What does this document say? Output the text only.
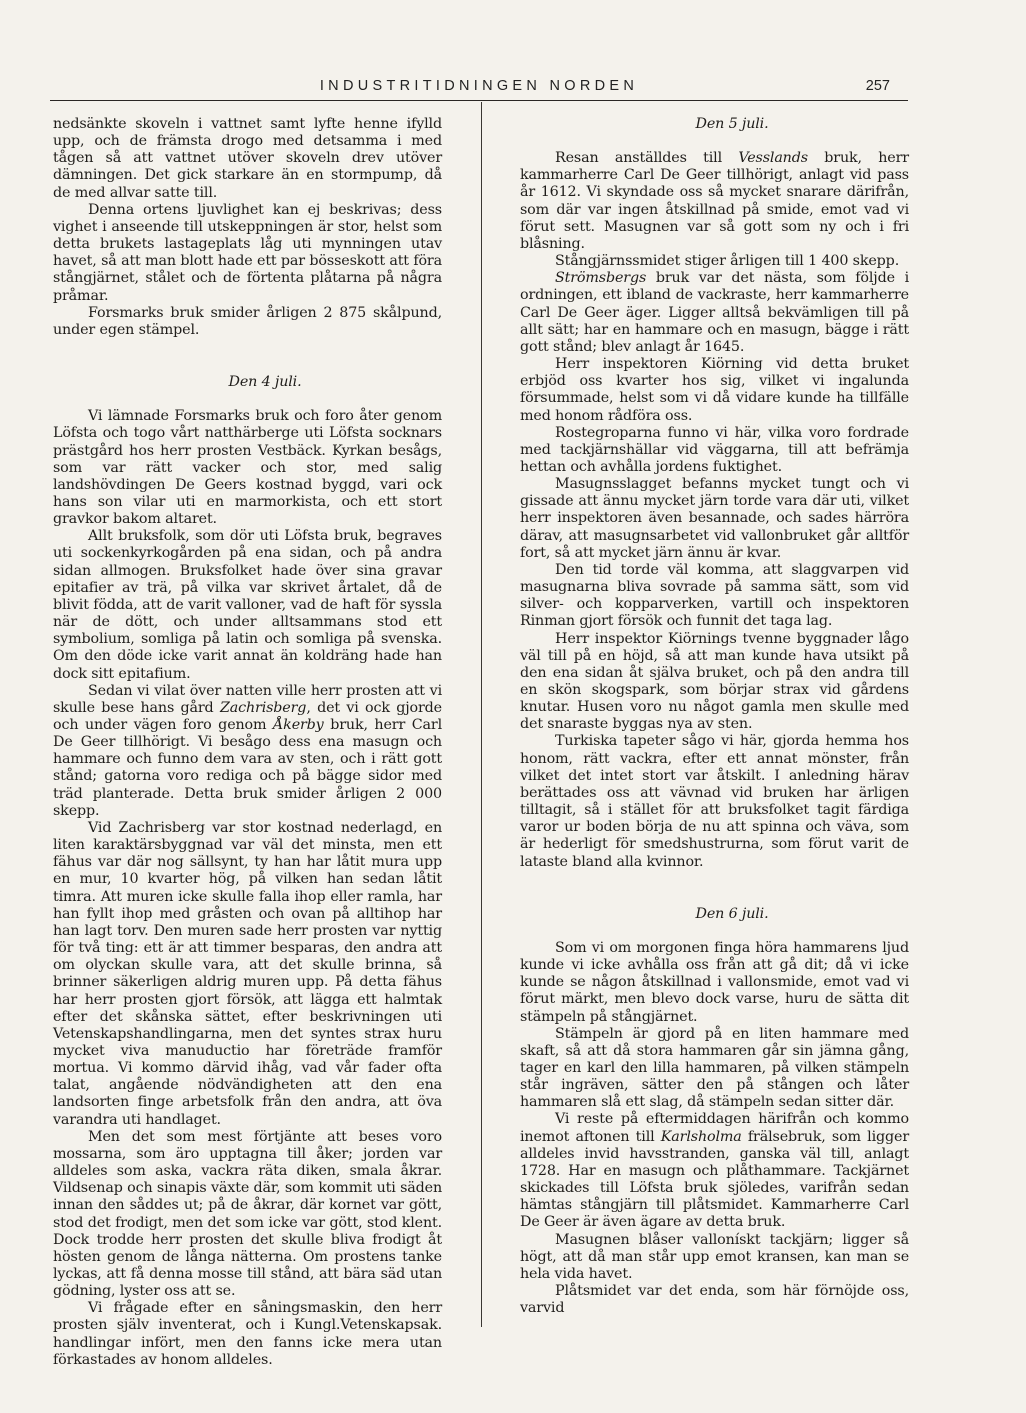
INDUSTRITIDNINGEN NORDEN	257

nedsänkte skoveln i vattnet samt lyfte henne ifylld upp, och de främsta drogo med detsamma i med tågen så att vattnet utöver skoveln drev utöver dämningen. Det gick starkare än en stormpump, då de med allvar satte till.

Denna ortens ljuvlighet kan ej beskrivas; dess vighet i anseende till utskeppningen är stor, helst som detta brukets lastageplats låg uti mynningen utav havet, så att man blott hade ett par bösseskott att föra stångjärnet, stålet och de förtenta plåtarna på några pråmar.

Forsmarks bruk smider årligen 2 875 skålpund, under egen stämpel.

Den 4 juli.

Vi lämnade Forsmarks bruk och foro åter genom Löfsta och togo vårt natthärberge uti Löfsta socknars prästgård hos herr prosten Vestbäck. Kyrkan besågs, som var rätt vacker och stor, med salig landshövdingen De Geers kostnad byggd, vari ock hans son vilar uti en marmorkista, och ett stort gravkor bakom altaret.

Allt bruksfolk, som dör uti Löfsta bruk, begraves uti sockenkyrkogården på ena sidan, och på andra sidan allmogen. Bruksfolket hade över sina gravar epitafier av trä, på vilka var skrivet årtalet, då de blivit födda, att de varit valloner, vad de haft för syssla när de dött, och under alltsammans stod ett symbolium, somliga på latin och somliga på svenska. Om den döde icke varit annat än koldräng hade han dock sitt epitafium.

Sedan vi vilat över natten ville herr prosten att vi skulle bese hans gård Zachrisberg, det vi ock gjorde och under vägen foro genom Åkerby bruk, herr Carl De Geer tillhörigt. Vi besågo dess ena masugn och hammare och funno dem vara av sten, och i rätt gott stånd; gatorna voro rediga och på bägge sidor med träd planterade. Detta bruk smider årligen 2 000 skepp.

Vid Zachrisberg var stor kostnad nederlagd, en liten karaktärsbyggnad var väl det minsta, men ett fähus var där nog sällsynt, ty han har låtit mura upp en mur, 10 kvarter hög, på vilken han sedan låtit timra. Att muren icke skulle falla ihop eller ramla, har han fyllt ihop med gråsten och ovan på alltihop har han lagt torv. Den muren sade herr prosten var nyttig för två ting: ett är att timmer besparas, den andra att om olyckan skulle vara, att det skulle brinna, så brinner säkerligen aldrig muren upp. På detta fähus har herr prosten gjort försök, att lägga ett halmtak efter det skånska sättet, efter beskrivningen uti Vetenskapshandlingarna, men det syntes strax huru mycket viva manuductio har företräde framför mortua. Vi kommo därvid ihåg, vad vår fader ofta talat, angående nödvändigheten att den ena landsorten finge arbetsfolk från den andra, att öva varandra uti handlaget.

Men det som mest förtjänte att beses voro mossarna, som äro upptagna till åker; jorden var alldeles som aska, vackra räta diken, smala åkrar. Vildsenap och sinapis växte där, som kommit uti säden innan den såddes ut; på de åkrar, där kornet var gött, stod det frodigt, men det som icke var gött, stod klent. Dock trodde herr prosten det skulle bliva frodigt åt hösten genom de långa nätterna. Om prostens tanke lyckas, att få denna mosse till stånd, att bära säd utan gödning, lyster oss att se.

Vi frågade efter en såningsmaskin, den herr prosten själv inventerat, och i Kungl.Vetenskapsak. handlingar infört, men den fanns icke mera utan förkastades av honom alldeles.

Den 5 juli.

Resan anställdes till Vesslands bruk, herr kammarherre Carl De Geer tillhörigt, anlagt vid pass år 1612. Vi skyndade oss så mycket snarare därifrån, som där var ingen åtskillnad på smide, emot vad vi förut sett. Masugnen var så gott som ny och i fri blåsning.

Stångjärnssmidet stiger årligen till 1 400 skepp.

Strömsbergs bruk var det nästa, som följde i ordningen, ett ibland de vackraste, herr kammarherre Carl De Geer äger. Ligger alltså bekvämligen till på allt sätt; har en hammare och en masugn, bägge i rätt gott stånd; blev anlagt år 1645.

Herr inspektoren Kiörning vid detta bruket erbjöd oss kvarter hos sig, vilket vi ingalunda försummade, helst som vi då vidare kunde ha tillfälle med honom rådföra oss.

Rostegroparna funno vi här, vilka voro fordrade med tackjärnshällar vid väggarna, till att befrämja hettan och avhålla jordens fuktighet.

Masugnsslagget befanns mycket tungt och vi gissade att ännu mycket järn torde vara där uti, vilket herr inspektoren även besannade, och sades härröra därav, att masugnsarbetet vid vallonbruket går alltför fort, så att mycket järn ännu är kvar.

Den tid torde väl komma, att slaggvarpen vid masugnarna bliva sovrade på samma sätt, som vid silver- och kopparverken, vartill och inspektoren Rinman gjort försök och funnit det taga lag.

Herr inspektor Kiörnings tvenne byggnader lågo väl till på en höjd, så att man kunde hava utsikt på den ena sidan åt själva bruket, och på den andra till en skön skogspark, som börjar strax vid gårdens knutar. Husen voro nu något gamla men skulle med det snaraste byggas nya av sten.

Turkiska tapeter sågo vi här, gjorda hemma hos honom, rätt vackra, efter ett annat mönster, från vilket det intet stort var åtskilt. I anledning härav berättades oss att vävnad vid bruken har ärligen tilltagit, så i stället för att bruksfolket tagit färdiga varor ur boden börja de nu att spinna och väva, som är hederligt för smedshustrurna, som förut varit de lataste bland alla kvinnor.

Den 6 juli.

Som vi om morgonen finga höra hammarens ljud kunde vi icke avhålla oss från att gå dit; då vi icke kunde se någon åtskillnad i vallonsmide, emot vad vi förut märkt, men blevo dock varse, huru de sätta dit stämpeln på stångjärnet.

Stämpeln är gjord på en liten hammare med skaft, så att då stora hammaren går sin jämna gång, tager en karl den lilla hammaren, på vilken stämpeln står ingräven, sätter den på stången och låter hammaren slå ett slag, då stämpeln sedan sitter där.

Vi reste på eftermiddagen härifrån och kommo inemot aftonen till Karlsholma frälsebruk, som ligger alldeles invid havsstranden, ganska väl till, anlagt 1728. Har en masugn och plåthammare. Tackjärnet skickades till Löfsta bruk sjöledes, varifrån sedan hämtas stångjärn till plåtsmidet. Kammarherre Carl De Geer är även ägare av detta bruk.

Masugnen blåser vallonískt tackjärn; ligger så högt, att då man står upp emot kransen, kan man se hela vida havet.

Plåtsmidet var det enda, som här förnöjde oss, varvid
